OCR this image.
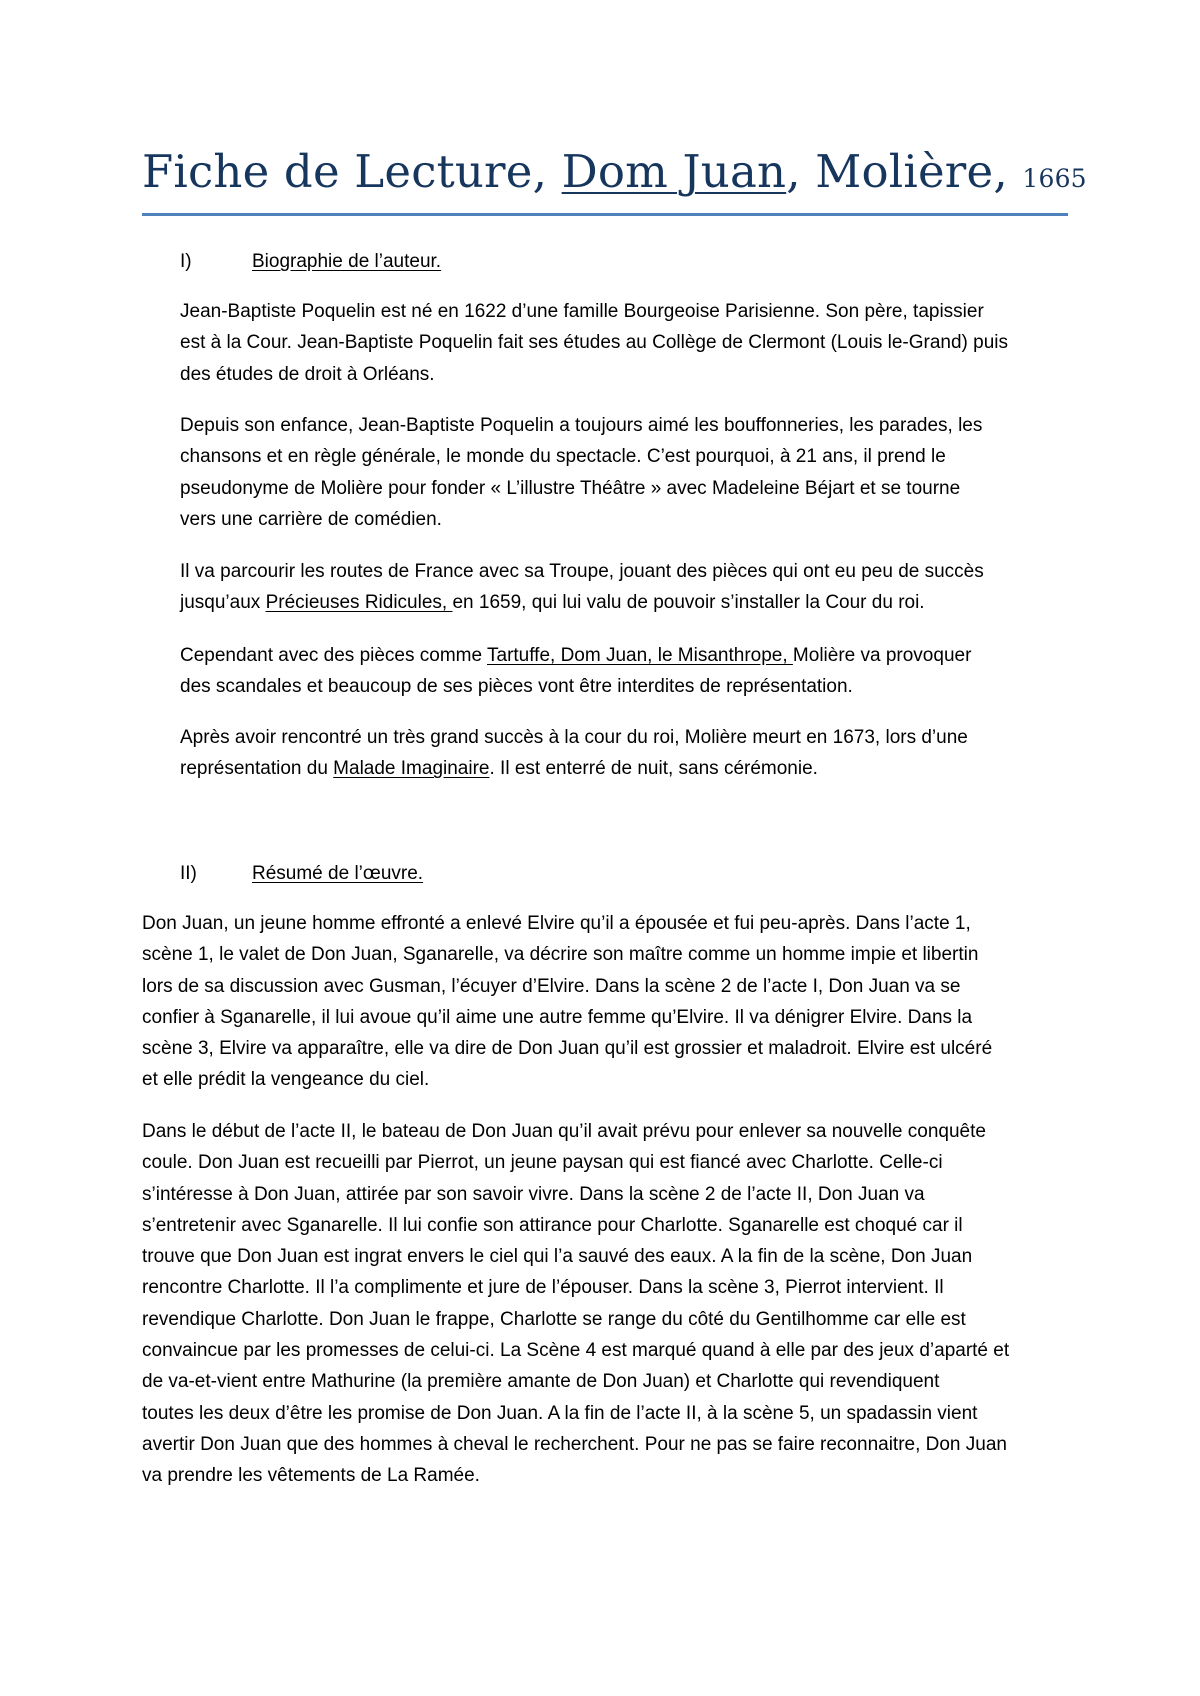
Fiche de Lecture, Dom Juan, Molière, 1665
I)	Biographie de l’auteur.
Jean-Baptiste Poquelin est né en 1622 d’une famille Bourgeoise Parisienne. Son père, tapissier
est à la Cour. Jean-Baptiste Poquelin fait ses études au Collège de Clermont (Louis le-Grand) puis
des études de droit à Orléans.
Depuis son enfance, Jean-Baptiste Poquelin a toujours aimé les bouffonneries, les parades, les
chansons et en règle générale, le monde du spectacle. C’est pourquoi, à 21 ans, il prend le
pseudonyme de Molière pour fonder « L’illustre Théâtre » avec Madeleine Béjart et se tourne
vers une carrière de comédien.
Il va parcourir les routes de France avec sa Troupe, jouant des pièces qui ont eu peu de succès
jusqu’aux Précieuses Ridicules, en 1659, qui lui valu de pouvoir s’installer la Cour du roi.
Cependant avec des pièces comme Tartuffe, Dom Juan, le Misanthrope, Molière va provoquer
des scandales et beaucoup de ses pièces vont être interdites de représentation.
Après avoir rencontré un très grand succès à la cour du roi, Molière meurt en 1673, lors d’une
représentation du Malade Imaginaire. Il est enterré de nuit, sans cérémonie.
II)	Résumé de l’œuvre.
Don Juan, un jeune homme effronté a enlevé Elvire qu’il a épousée et fui peu-après. Dans l’acte 1,
scène 1, le valet de Don Juan, Sganarelle, va décrire son maître comme un homme impie et libertin
lors de sa discussion avec Gusman, l’écuyer d’Elvire. Dans la scène 2 de l’acte I, Don Juan va se
confier à Sganarelle, il lui avoue qu’il aime une autre femme qu’Elvire. Il va dénigrer Elvire. Dans la
scène 3, Elvire va apparaître, elle va dire de Don Juan qu’il est grossier et maladroit. Elvire est ulcéré
et elle prédit la vengeance du ciel.
Dans le début de l’acte II, le bateau de Don Juan qu’il avait prévu pour enlever sa nouvelle conquête
coule. Don Juan est recueilli par Pierrot, un jeune paysan qui est fiancé avec Charlotte. Celle-ci
s’intéresse à Don Juan, attirée par son savoir vivre. Dans la scène 2 de l’acte II, Don Juan va
s’entretenir avec Sganarelle. Il lui confie son attirance pour Charlotte. Sganarelle est choqué car il
trouve que Don Juan est ingrat envers le ciel qui l’a sauvé des eaux. A la fin de la scène, Don Juan
rencontre Charlotte. Il l’a complimente et jure de l’épouser. Dans la scène 3, Pierrot intervient. Il
revendique Charlotte. Don Juan le frappe, Charlotte se range du côté du Gentilhomme car elle est
convaincue par les promesses de celui-ci. La Scène 4 est marqué quand à elle par des jeux d’aparté et
de va-et-vient entre Mathurine (la première amante de Don Juan) et Charlotte qui revendiquent
toutes les deux d’être les promise de Don Juan. A la fin de l’acte II, à la scène 5, un spadassin vient
avertir Don Juan que des hommes à cheval le recherchent. Pour ne pas se faire reconnaitre, Don Juan
va prendre les vêtements de La Ramée.
